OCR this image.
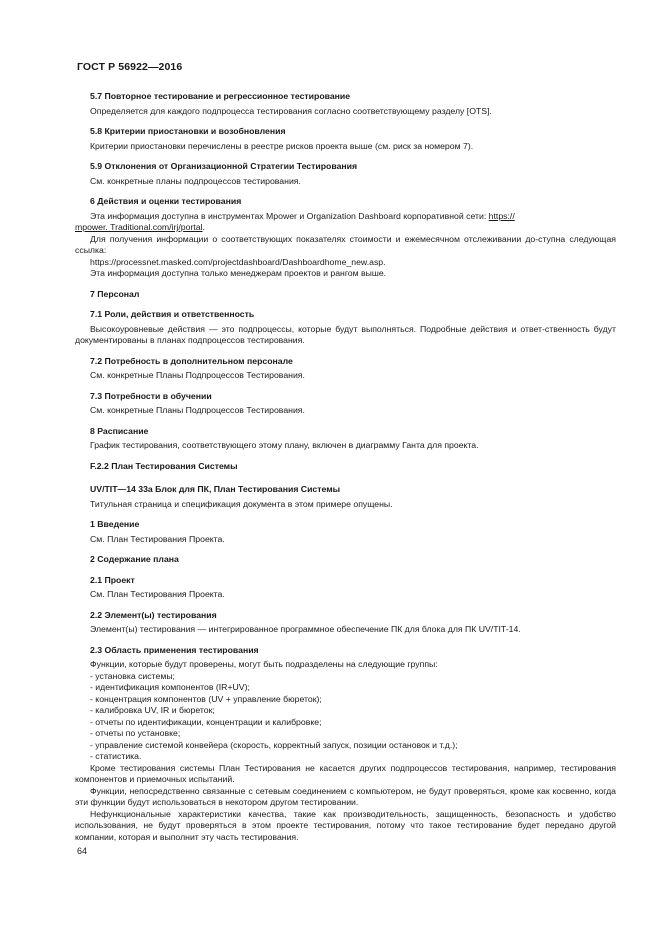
ГОСТ Р 56922—2016

5.7 Повторное тестирование и регрессионное тестирование

Определяется для каждого подпроцесса тестирования согласно соответствующему разделу [OTS].

5.8 Критерии приостановки и возобновления

Критерии приостановки перечислены в реестре рисков проекта выше (см. риск за номером 7).

5.9 Отклонения от Организационной Стратегии Тестирования

См. конкретные планы подпроцессов тестирования.

6 Действия и оценки тестирования

Эта информация доступна в инструментах Mpower и Organization Dashboard корпоративной сети: https://

mpower. Traditional.com/irj/portal.

Для получения информации о соответствующих показателях стоимости и ежемесячном отслеживании до-ступна следующая ссылка:

https://processnet.masked.com/projectdashboard/Dashboardhome_new.asp.

Эта информация доступна только менеджерам проектов и рангом выше.

7 Персонал

7.1 Роли, действия и ответственность

Высокоуровневые действия — это подпроцессы, которые будут выполняться. Подробные действия и ответ-ственность будут документированы в планах подпроцессов тестирования.

7.2 Потребность в дополнительном персонале

См. конкретные Планы Подпроцессов Тестирования.

7.3 Потребности в обучении

См. конкретные Планы Подпроцессов Тестирования.

8 Расписание

График тестирования, соответствующего этому плану, включен в диаграмму Ганта для проекта.

F.2.2 План Тестирования Системы

UV/TIT—14 33a Блок для ПК, План Тестирования Системы

Титульная страница и спецификация документа в этом примере опущены.

1 Введение

См. План Тестирования Проекта.

2 Содержание плана

2.1 Проект

См. План Тестирования Проекта.

2.2 Элемент(ы) тестирования

Элемент(ы) тестирования — интегрированное программное обеспечение ПК для блока для ПК UV/TIT-14.

2.3 Область применения тестирования

Функции, которые будут проверены, могут быть подразделены на следующие группы:

- установка системы;

- идентификация компонентов (IR+UV);

- концентрация компонентов (UV + управление бюреток);

- калибровка UV, IR и бюреток;

- отчеты по идентификации, концентрации и калибровке;

- отчеты по установке;

- управление системой конвейера (скорость, корректный запуск, позиции остановок и т.д.);

- статистика.

Кроме тестирования системы План Тестирования не касается других подпроцессов тестирования, например, тестирования компонентов и приемочных испытаний.

Функции, непосредственно связанные с сетевым соединением с компьютером, не будут проверяться, кроме как косвенно, когда эти функции будут использоваться в некотором другом тестировании.

Нефункциональные характеристики качества, такие как производительность, защищенность, безопасность и удобство использования, не будут проверяться в этом проекте тестирования, потому что такое тестирование будет передано другой компании, которая и выполнит эту часть тестирования.

64
